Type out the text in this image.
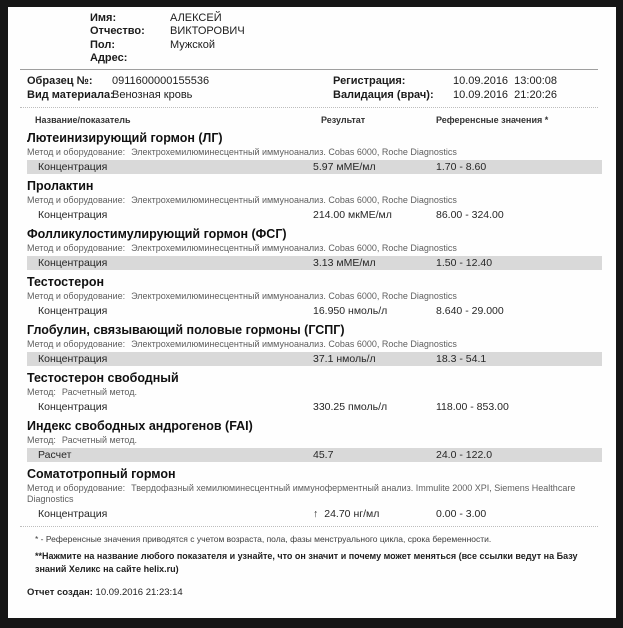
Имя:	АЛЕКСЕЙ
Отчество:	ВИКТОРОВИЧ
Пол:	Мужской
Адрес:
Образец №: 0911600000155536	Регистрация:	10.09.2016  13:00:08
Вид материала:
Венозная кровь	Валидация (врач): 10.09.2016  21:20:26
Название/показатель	Результат	Референсные значения *
Лютеинизирующий гормон (ЛГ)
Метод и оборудование: Электрохемилюминесцентный иммуноанализ. Cobas 6000, Roche Diagnostics
Концентрация	5.97 мМЕ/мл	1.70 - 8.60
Пролактин
Метод и оборудование: Электрохемилюминесцентный иммуноанализ. Cobas 6000, Roche Diagnostics
Концентрация	214.00 мкМЕ/мл	86.00 - 324.00
Фолликулостимулирующий гормон (ФСГ)
Метод и оборудование: Электрохемилюминесцентный иммуноанализ. Cobas 6000, Roche Diagnostics
Концентрация	3.13 мМЕ/мл	1.50 - 12.40
Тестостерон
Метод и оборудование: Электрохемилюминесцентный иммуноанализ. Cobas 6000, Roche Diagnostics
Концентрация	16.950 нмоль/л	8.640 - 29.000
Глобулин, связывающий половые гормоны (ГСПГ)
Метод и оборудование: Электрохемилюминесцентный иммуноанализ. Cobas 6000, Roche Diagnostics
Концентрация	37.1 нмоль/л	18.3 - 54.1
Тестостерон свободный
Метод: Расчетный метод.
Концентрация	330.25 пмоль/л	118.00 - 853.00
Индекс свободных андрогенов (FAI)
Метод: Расчетный метод.
Расчет	45.7	24.0 - 122.0
Соматотропный гормон
Метод и оборудование: Твердофазный хемилюминесцентный иммуноферментный анализ. Immulite 2000 XPI, Siemens Healthcare Diagnostics
Концентрация	↑ 24.70 нг/мл	0.00 - 3.00
* - Референсные значения приводятся с учетом возраста, пола, фазы менструального цикла, срока беременности.
**Нажмите на название любого показателя и узнайте, что он значит и почему может меняться (все ссылки ведут на Базу знаний Хеликс на сайте helix.ru)
Отчет создан: 10.09.2016 21:23:14
